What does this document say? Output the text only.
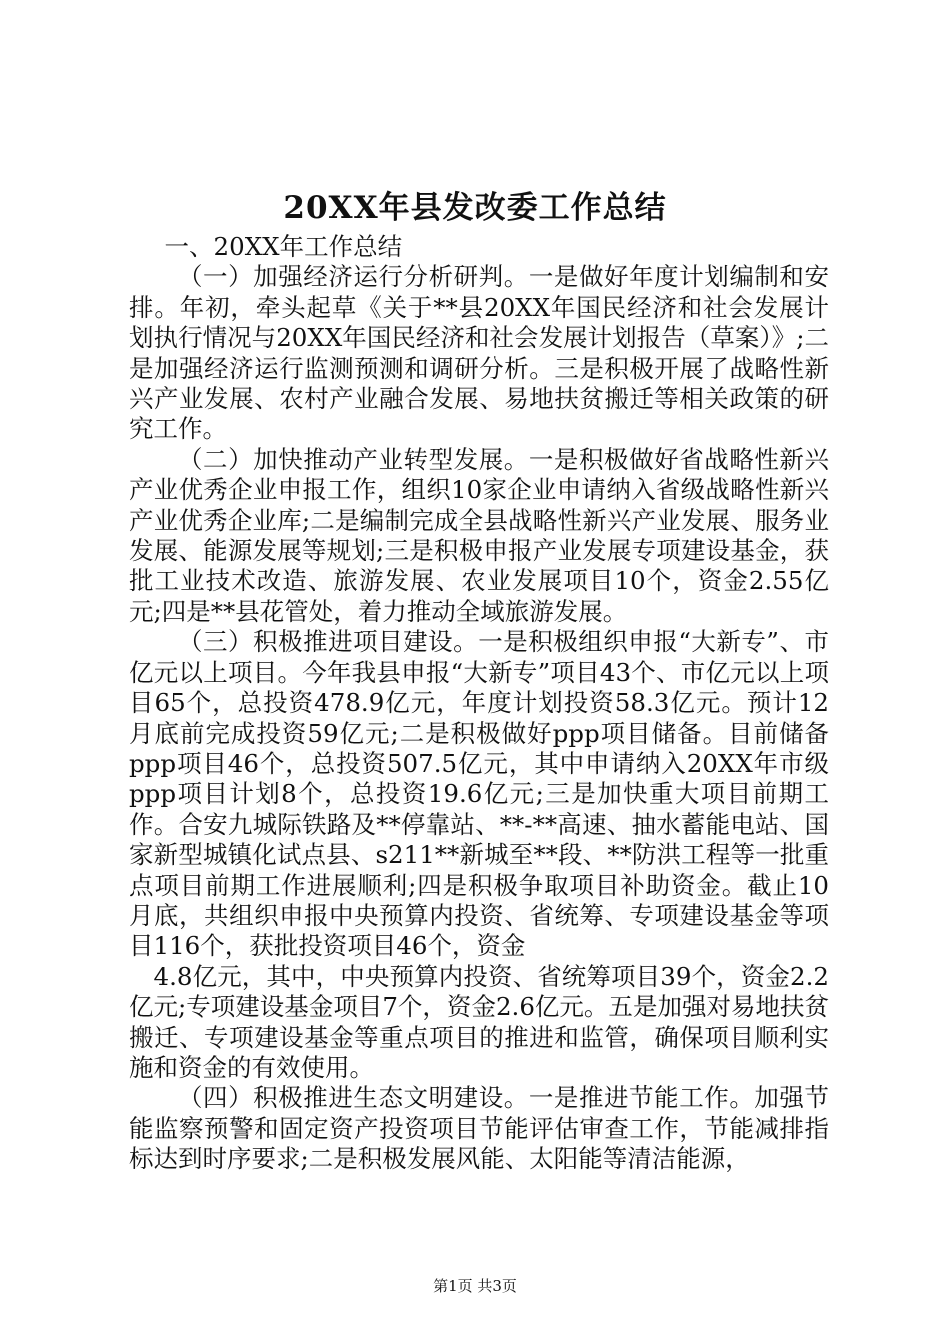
20XX年县发改委工作总结

一、20XX年工作总结

（一）加强经济运行分析研判。一是做好年度计划编制和安排。年初，牵头起草《关于**县20XX年国民经济和社会发展计划执行情况与20XX年国民经济和社会发展计划报告（草案）》;二是加强经济运行监测预测和调研分析。三是积极开展了战略性新兴产业发展、农村产业融合发展、易地扶贫搬迁等相关政策的研究工作。

（二）加快推动产业转型发展。一是积极做好省战略性新兴产业优秀企业申报工作，组织10家企业申请纳入省级战略性新兴产业优秀企业库;二是编制完成全县战略性新兴产业发展、服务业发展、能源发展等规划;三是积极申报产业发展专项建设基金，获批工业技术改造、旅游发展、农业发展项目10个，资金2.55亿元;四是**县花管处，着力推动全域旅游发展。

（三）积极推进项目建设。一是积极组织申报“大新专”、市亿元以上项目。今年我县申报“大新专”项目43个、市亿元以上项目65个，总投资478.9亿元，年度计划投资58.3亿元。预计12月底前完成投资59亿元;二是积极做好ppp项目储备。目前储备ppp项目46个，总投资507.5亿元，其中申请纳入20XX年市级ppp项目计划8个，总投资19.6亿元;三是加快重大项目前期工作。合安九城际铁路及**停靠站、**-**高速、抽水蓄能电站、国家新型城镇化试点县、s211**新城至**段、**防洪工程等一批重点项目前期工作进展顺利;四是积极争取项目补助资金。截止10月底，共组织申报中央预算内投资、省统筹、专项建设基金等项目116个，获批投资项目46个，资金

4.8亿元，其中，中央预算内投资、省统筹项目39个，资金2.2亿元;专项建设基金项目7个，资金2.6亿元。五是加强对易地扶贫搬迁、专项建设基金等重点项目的推进和监管，确保项目顺利实施和资金的有效使用。

（四）积极推进生态文明建设。一是推进节能工作。加强节能监察预警和固定资产投资项目节能评估审查工作，节能减排指标达到时序要求;二是积极发展风能、太阳能等清洁能源，

第1页 共3页
